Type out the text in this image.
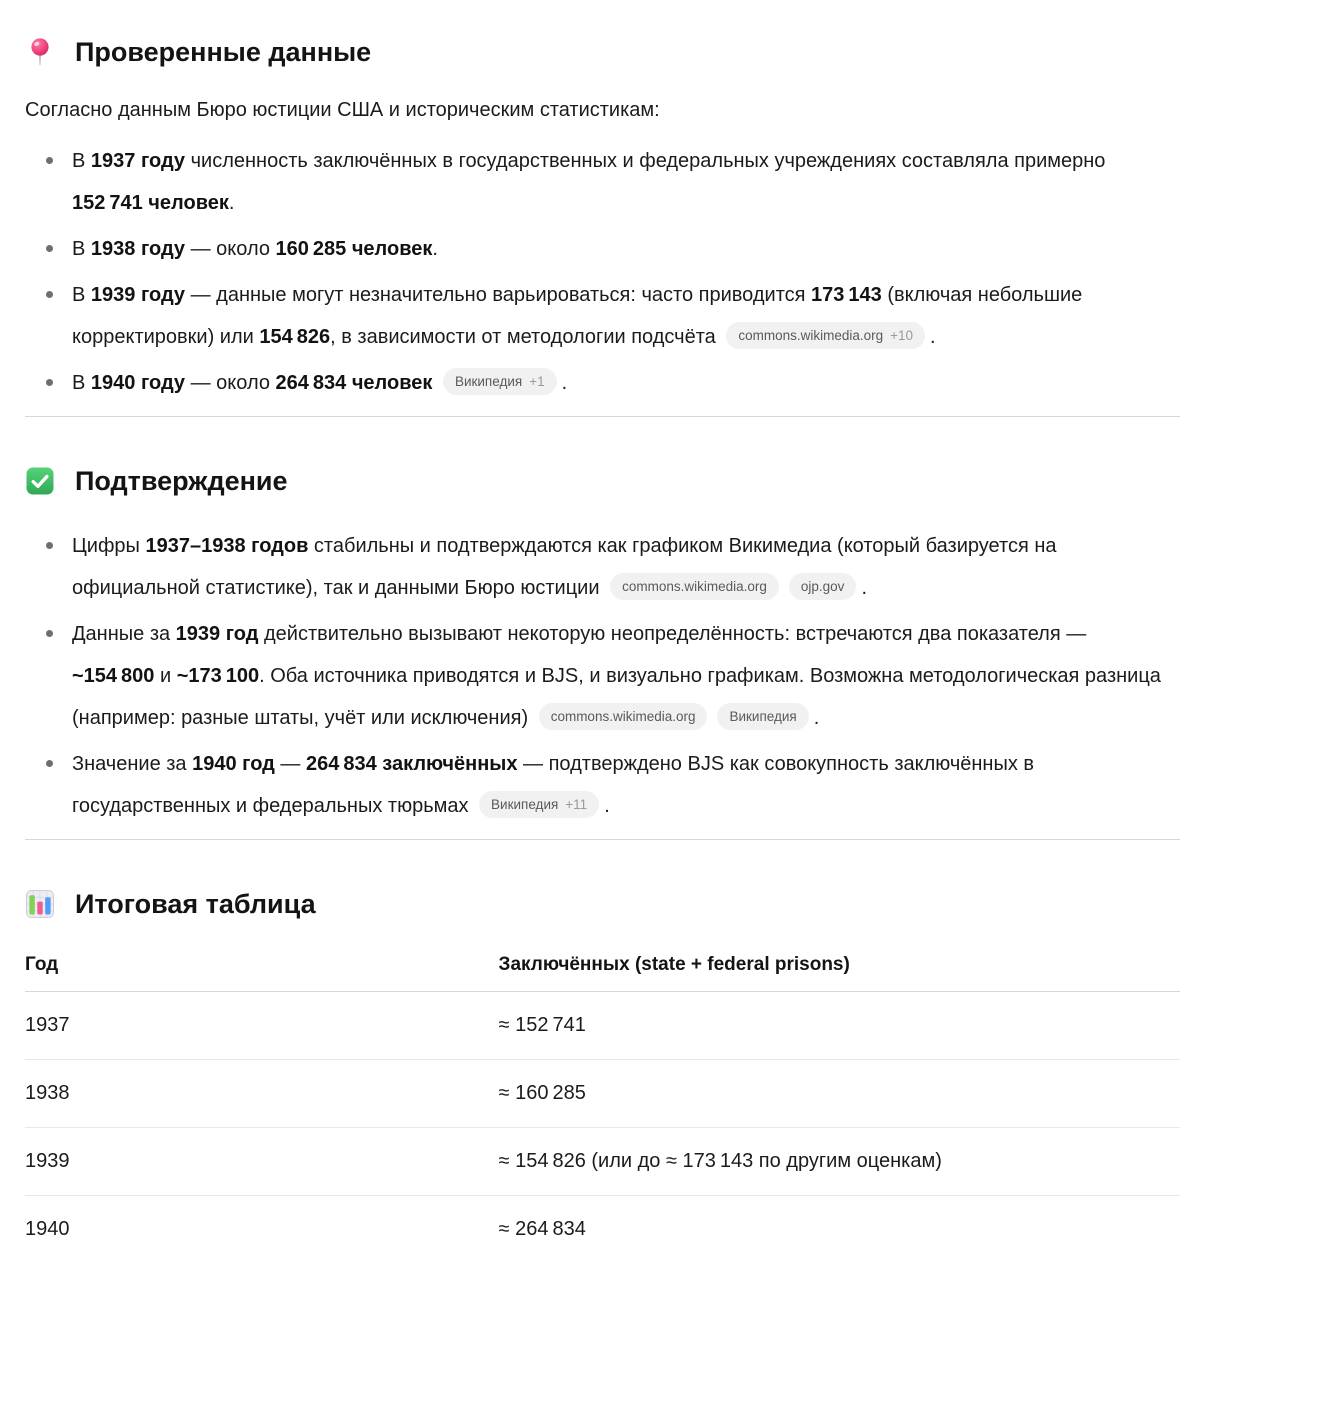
Проверенные данные

Согласно данным Бюро юстиции США и историческим статистикам:

В 1937 году численность заключённых в государственных и федеральных учреждениях составляла примерно 152 741 человек.
В 1938 году — около 160 285 человек.
В 1939 году — данные могут незначительно варьироваться: часто приводится 173 143 (включая небольшие корректировки) или 154 826, в зависимости от методологии подсчёта commons.wikimedia.org +10 .
В 1940 году — около 264 834 человек Википедия +1 .
Подтверждение
Цифры 1937–1938 годов стабильны и подтверждаются как графиком Викимедиа (который базируется на официальной статистике), так и данными Бюро юстиции commons.wikimedia.org	ojp.gov .
Данные за 1939 год действительно вызывают некоторую неопределённость: встречаются два показателя — ~154 800 и ~173 100. Оба источника приводятся и BJS, и визуально графикам. Возможна методологическая разница (например: разные штаты, учёт или исключения) commons.wikimedia.org	Википедия .
Значение за 1940 год — 264 834 заключённых — подтверждено BJS как совокупность заключённых в государственных и федеральных тюрьмах Википедия +11 .
Итоговая таблица
Год	Заключённых (state + federal prisons)
1937	≈ 152 741
1938	≈ 160 285
1939	≈ 154 826 (или до ≈ 173 143 по другим оценкам)
1940	≈ 264 834
